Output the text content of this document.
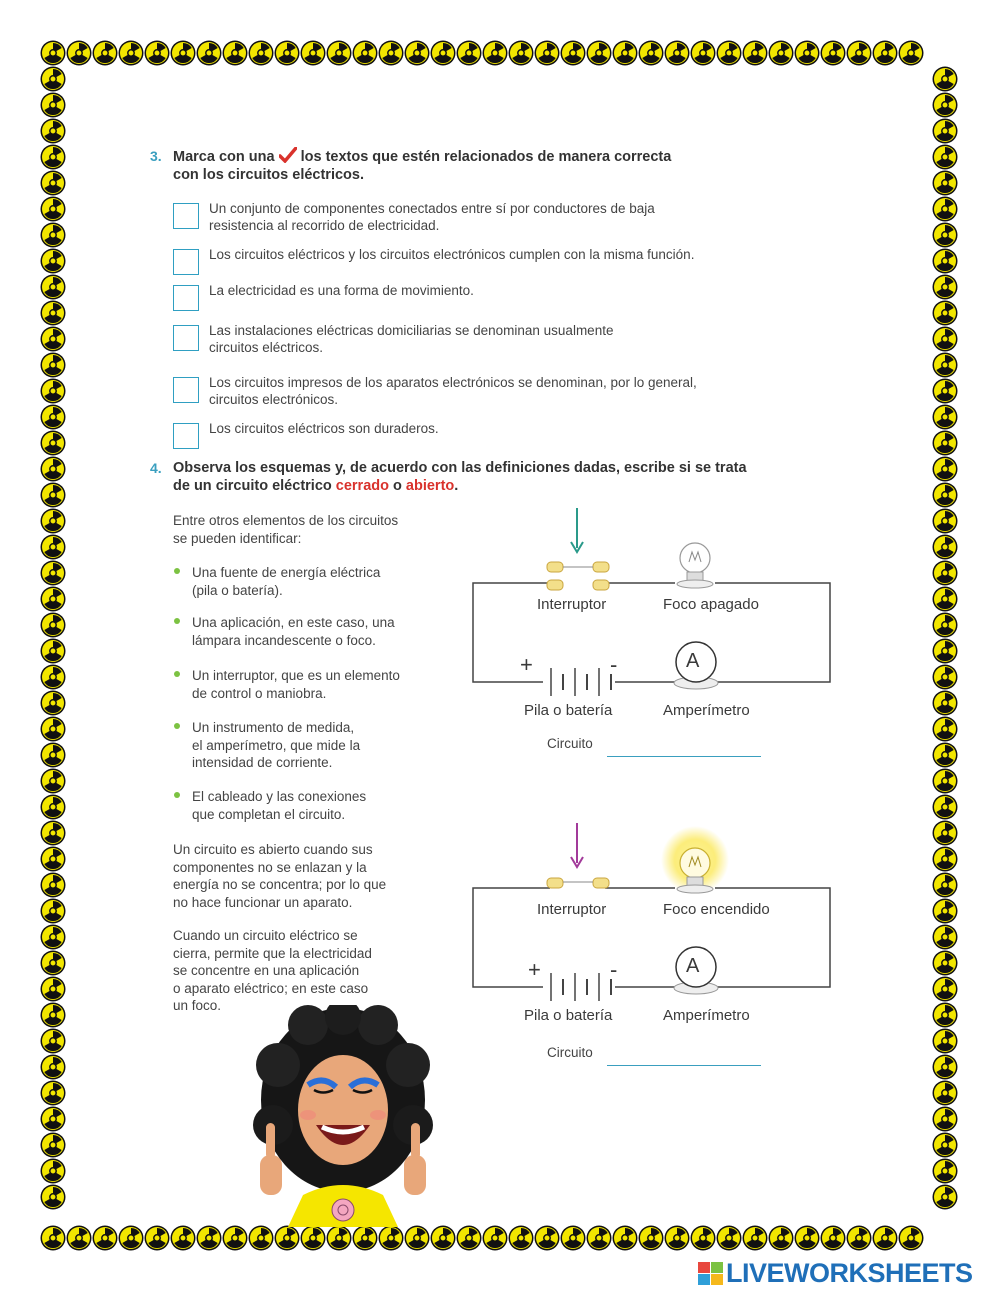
3. Marca con una los textos que estén relacionados de manera correcta
con los circuitos eléctricos.
Un conjunto de componentes conectados entre sí por conductores de baja
resistencia al recorrido de electricidad.
Los circuitos eléctricos y los circuitos electrónicos cumplen con la misma función.
La electricidad es una forma de movimiento.
Las instalaciones eléctricas domiciliarias se denominan usualmente
circuitos eléctricos.
Los circuitos impresos de los aparatos electrónicos se denominan, por lo general,
circuitos electrónicos.
Los circuitos eléctricos son duraderos.
4. Observa los esquemas y, de acuerdo con las definiciones dadas, escribe si se trata
de un circuito eléctrico cerrado o abierto.
Entre otros elementos de los circuitos
se pueden identificar:
Una fuente de energía eléctrica
(pila o batería).
Una aplicación, en este caso, una
lámpara incandescente o foco.
Un interruptor, que es un elemento
de control o maniobra.
Un instrumento de medida,
el amperímetro, que mide la
intensidad de corriente.
El cableado y las conexiones
que completan el circuito.
Un circuito es abierto cuando sus
componentes no se enlazan y la
energía no se concentra; por lo que
no hace funcionar un aparato.
Cuando un circuito eléctrico se
cierra, permite que la electricidad
se concentre en una aplicación
o aparato eléctrico; en este caso
un foco.
+	-	A
Interruptor	Foco apagado
Pila o batería	Amperímetro
Circuito
+	-	A
Interruptor	Foco encendido
Pila o batería	Amperímetro
Circuito
LIVEWORKSHEETS
